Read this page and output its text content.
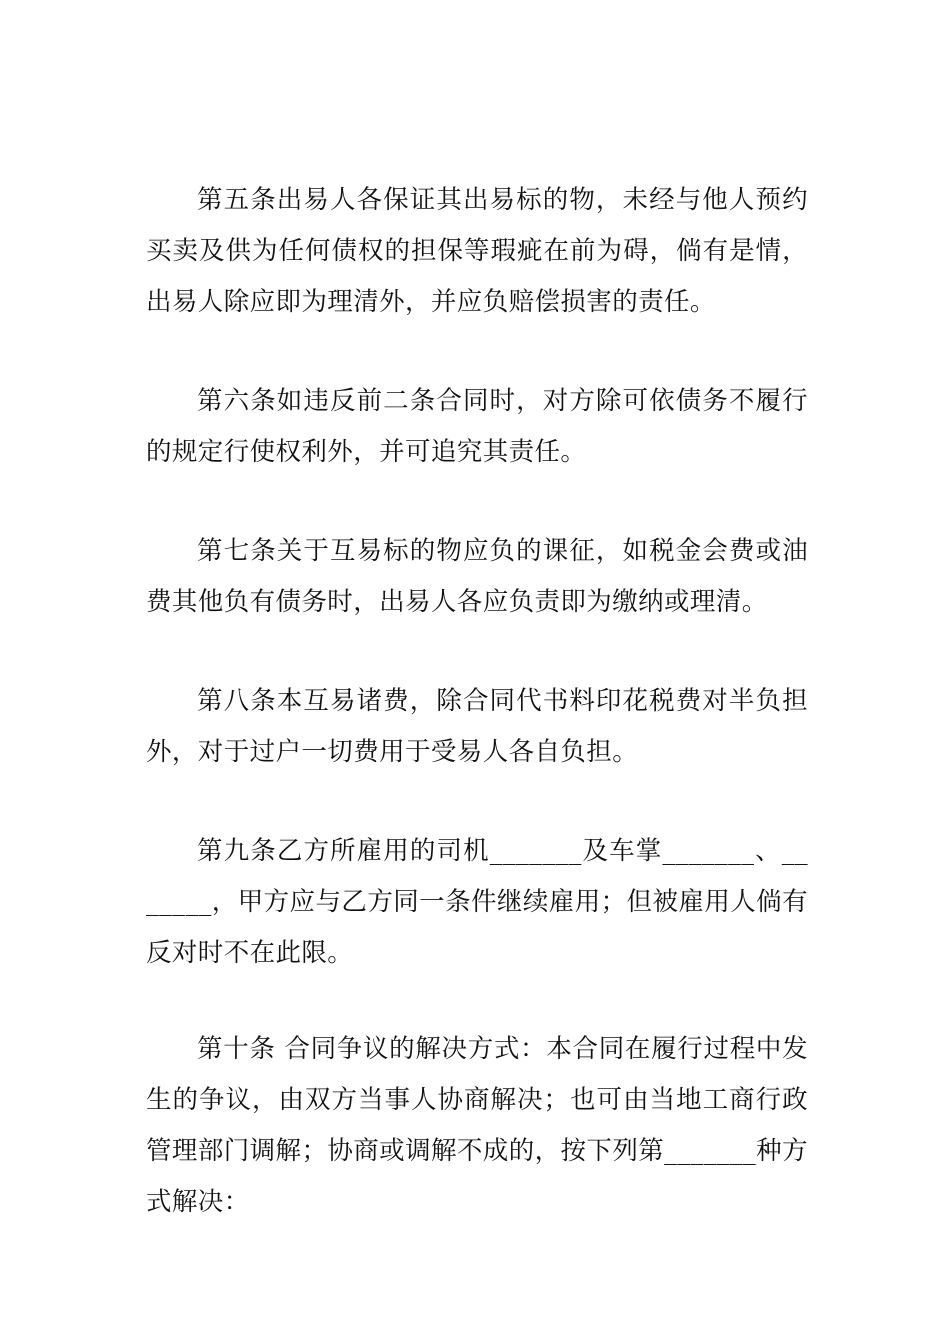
第五条出易人各保证其出易标的物，未经与他人预约买卖及供为任何债权的担保等瑕疵在前为碍，倘有是情，出易人除应即为理清外，并应负赔偿损害的责任。

第六条如违反前二条合同时，对方除可依债务不履行的规定行使权利外，并可追究其责任。

第七条关于互易标的物应负的课征，如税金会费或油费其他负有债务时，出易人各应负责即为缴纳或理清。

第八条本互易诸费，除合同代书料印花税费对半负担外，对于过户一切费用于受易人各自负担。

第九条乙方所雇用的司机_______及车掌_______、_______，甲方应与乙方同一条件继续雇用；但被雇用人倘有反对时不在此限。

第十条 合同争议的解决方式：本合同在履行过程中发生的争议，由双方当事人协商解决；也可由当地工商行政管理部门调解；协商或调解不成的，按下列第_______种方式解决：
